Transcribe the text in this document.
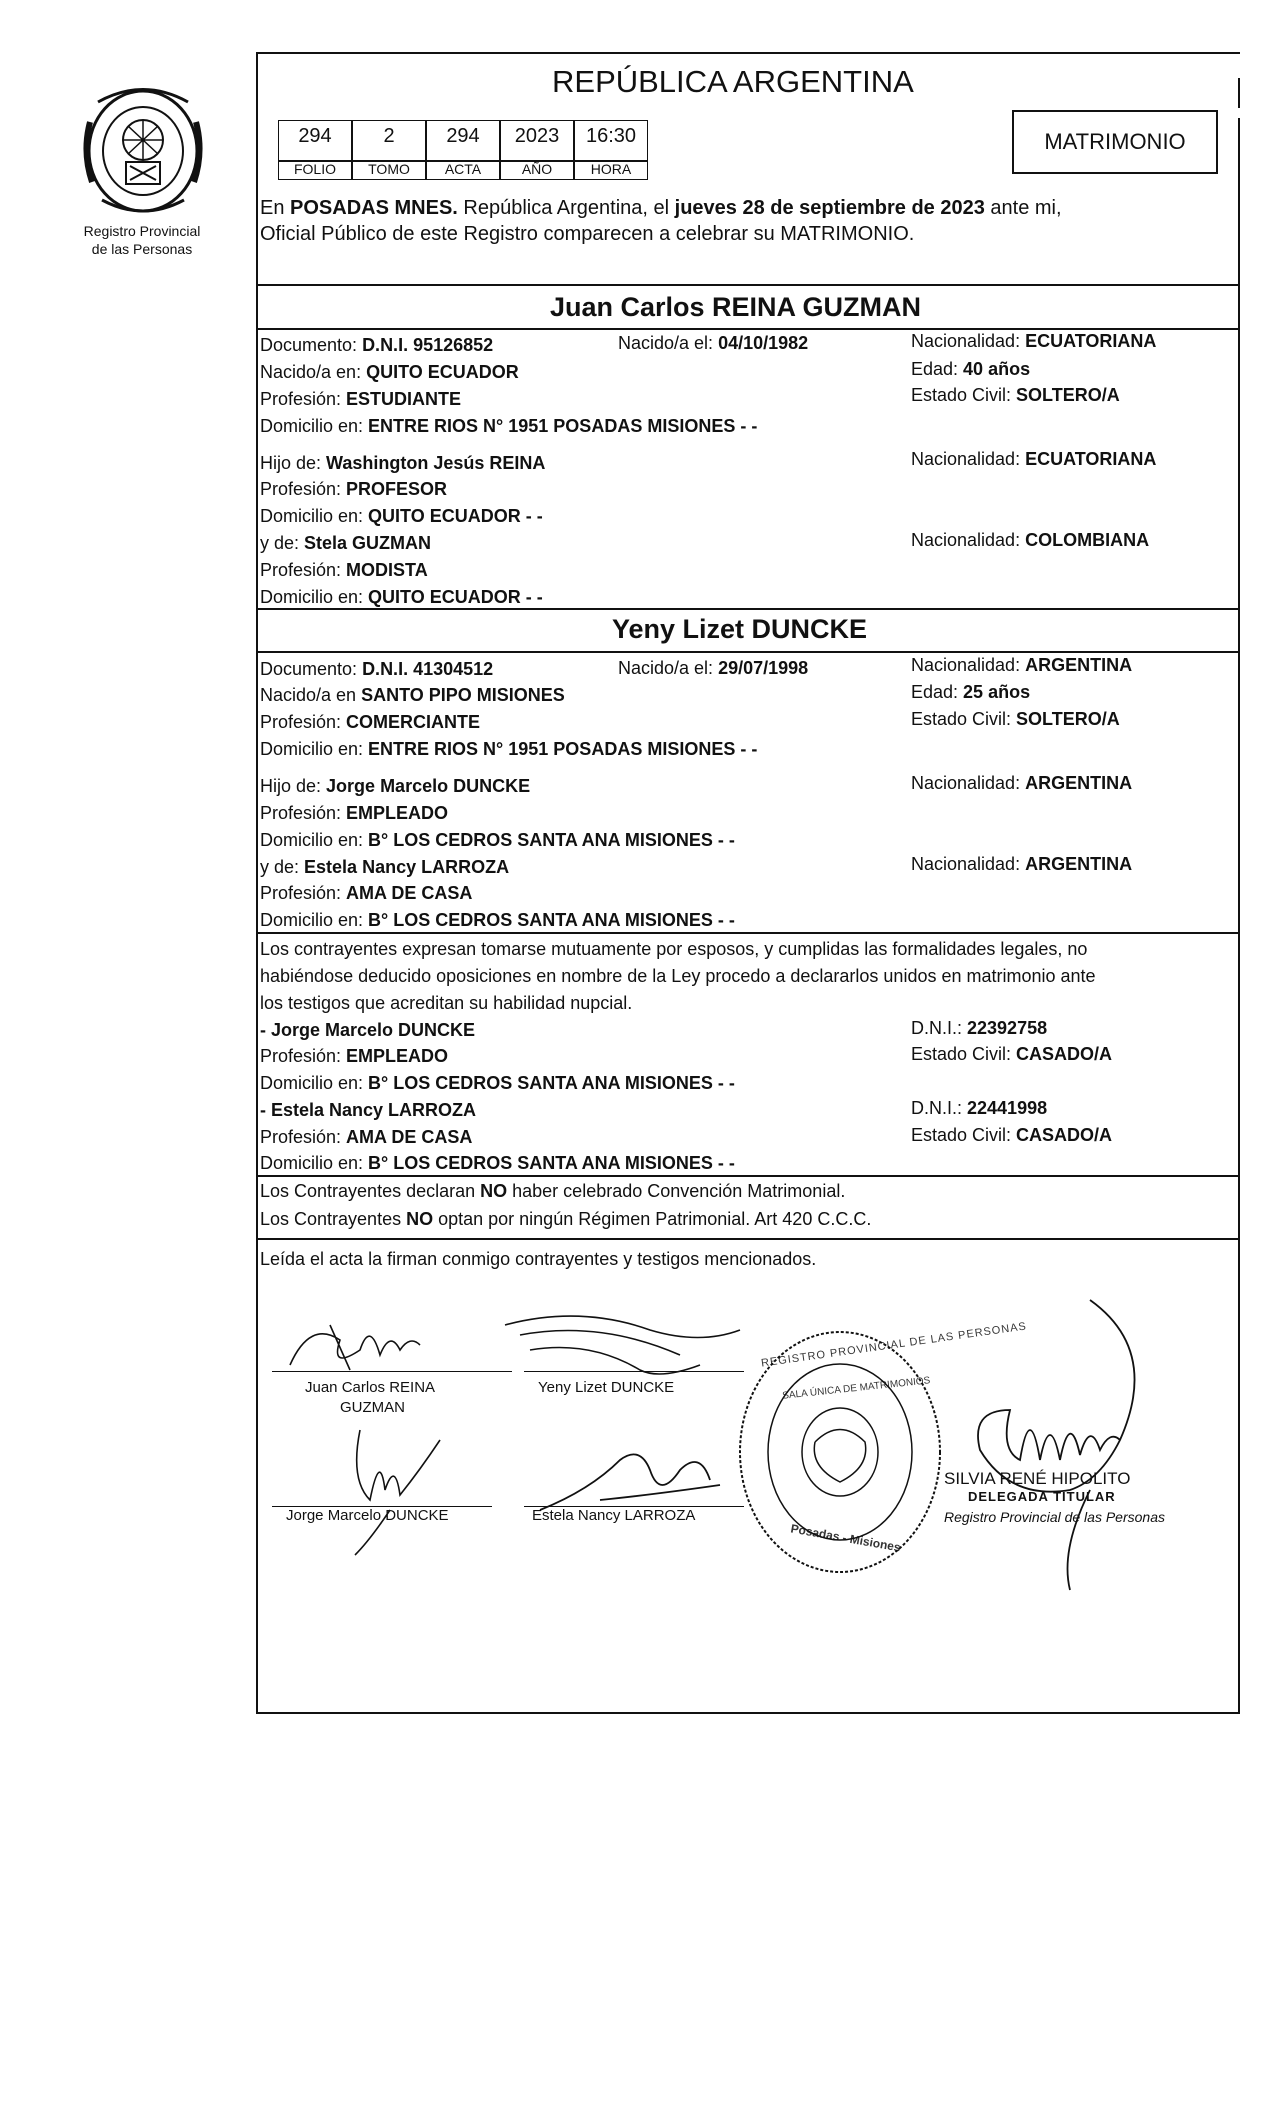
Registro Provincial
de las Personas
REPÚBLICA ARGENTINA
294	2	294	2023	16:30
FOLIO	TOMO	ACTA	AÑO	HORA
MATRIMONIO
En POSADAS MNES. República Argentina, el jueves 28 de septiembre de 2023 ante mi,
Oficial Público de este Registro comparecen a celebrar su MATRIMONIO.
Juan Carlos REINA GUZMAN
Documento: D.N.I. 95126852	Nacido/a el: 04/10/1982	Nacionalidad: ECUATORIANA
Nacido/a en: QUITO ECUADOR	Edad: 40 años
Profesión: ESTUDIANTE	Estado Civil: SOLTERO/A
Domicilio en: ENTRE RIOS N° 1951 POSADAS MISIONES - -
Hijo de: Washington Jesús REINA	Nacionalidad: ECUATORIANA
Profesión: PROFESOR
Domicilio en: QUITO ECUADOR - -
y de: Stela GUZMAN	Nacionalidad: COLOMBIANA
Profesión: MODISTA
Domicilio en: QUITO ECUADOR - -
Yeny Lizet DUNCKE
Documento: D.N.I. 41304512	Nacido/a el: 29/07/1998	Nacionalidad: ARGENTINA
Nacido/a en SANTO PIPO MISIONES	Edad: 25 años
Profesión: COMERCIANTE	Estado Civil: SOLTERO/A
Domicilio en: ENTRE RIOS N° 1951 POSADAS MISIONES - -
Hijo de: Jorge Marcelo DUNCKE	Nacionalidad: ARGENTINA
Profesión: EMPLEADO
Domicilio en: B° LOS CEDROS SANTA ANA MISIONES - -
y de: Estela Nancy LARROZA	Nacionalidad: ARGENTINA
Profesión: AMA DE CASA
Domicilio en: B° LOS CEDROS SANTA ANA MISIONES - -
Los contrayentes expresan tomarse mutuamente por esposos, y cumplidas las formalidades legales, no
habiéndose deducido oposiciones en nombre de la Ley procedo a declararlos unidos en matrimonio ante
los testigos que acreditan su habilidad nupcial.
- Jorge Marcelo DUNCKE	D.N.I.: 22392758
Profesión: EMPLEADO	Estado Civil: CASADO/A
Domicilio en: B° LOS CEDROS SANTA ANA MISIONES - -
- Estela Nancy LARROZA	D.N.I.: 22441998
Profesión: AMA DE CASA	Estado Civil: CASADO/A
Domicilio en: B° LOS CEDROS SANTA ANA MISIONES - -
Los Contrayentes declaran NO haber celebrado Convención Matrimonial.
Los Contrayentes NO optan por ningún Régimen Patrimonial. Art 420 C.C.C.
Leída el acta la firman conmigo contrayentes y testigos mencionados.
Juan Carlos REINA
GUZMAN
Yeny Lizet DUNCKE
Jorge Marcelo DUNCKE	Estela Nancy LARROZA
REGISTRO PROVINCIAL DE LAS PERSONAS
SALA ÚNICA DE MATRIMONIOS
Posadas - Misiones
SILVIA RENÉ HIPOLITO
DELEGADA TITULAR
Registro Provincial de las Personas
